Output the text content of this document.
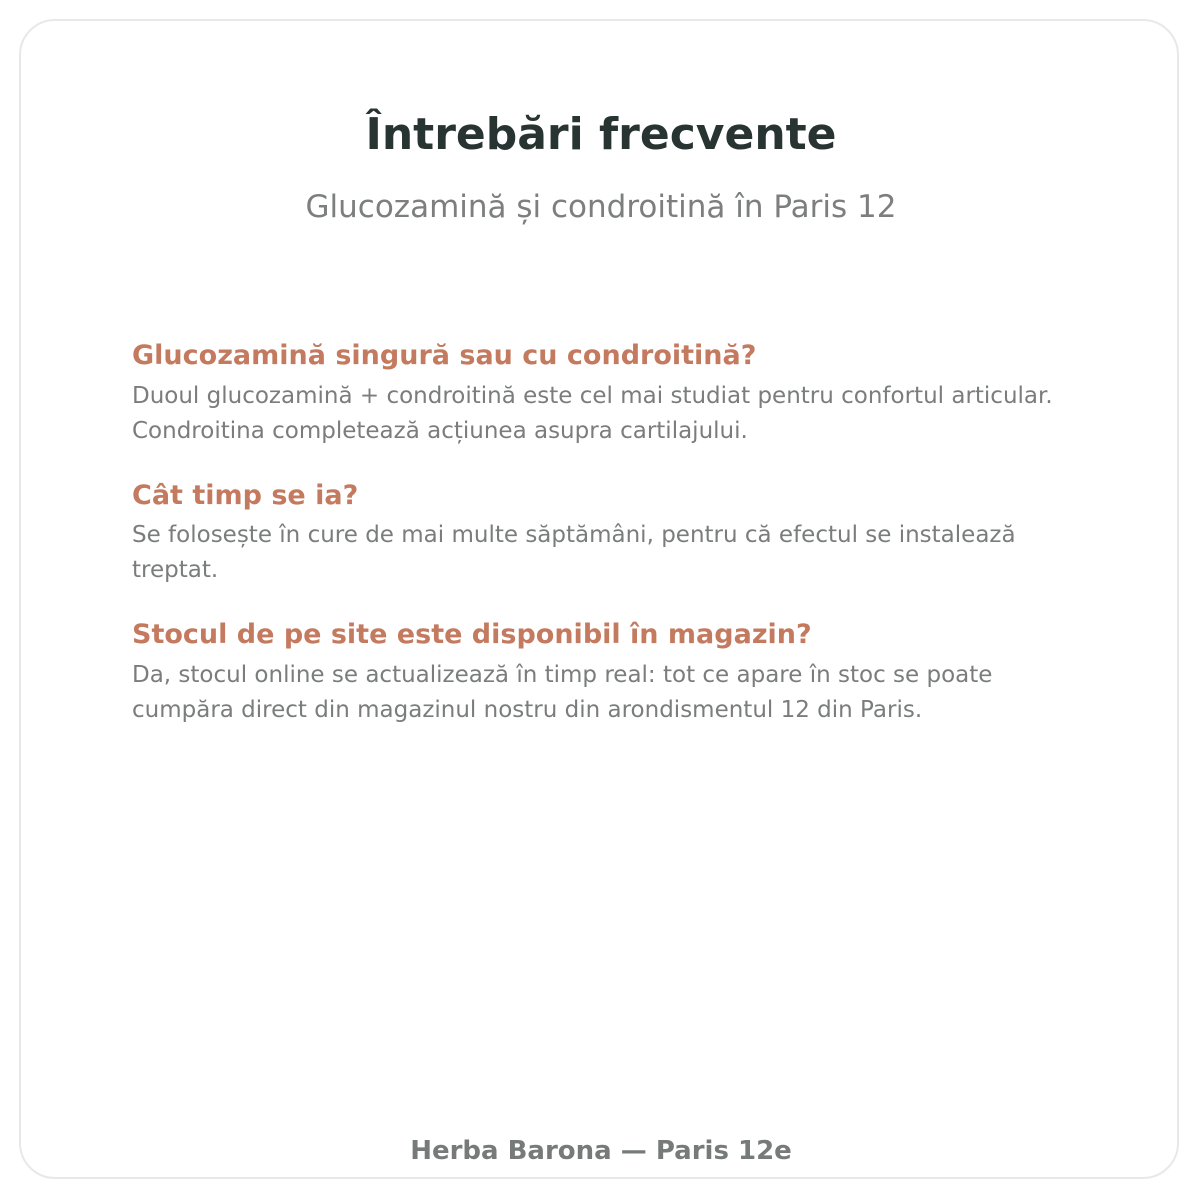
Întrebări frecvente

Glucozamină și condroitină în Paris 12

Glucozamină singură sau cu condroitină?

Duoul glucozamină + condroitină este cel mai studiat pentru confortul articular. Condroitina completează acțiunea asupra cartilajului.

Cât timp se ia?

Se folosește în cure de mai multe săptămâni, pentru că efectul se instalează treptat.

Stocul de pe site este disponibil în magazin?

Da, stocul online se actualizează în timp real: tot ce apare în stoc se poate cumpăra direct din magazinul nostru din arondismentul 12 din Paris.

Herba Barona — Paris 12e
